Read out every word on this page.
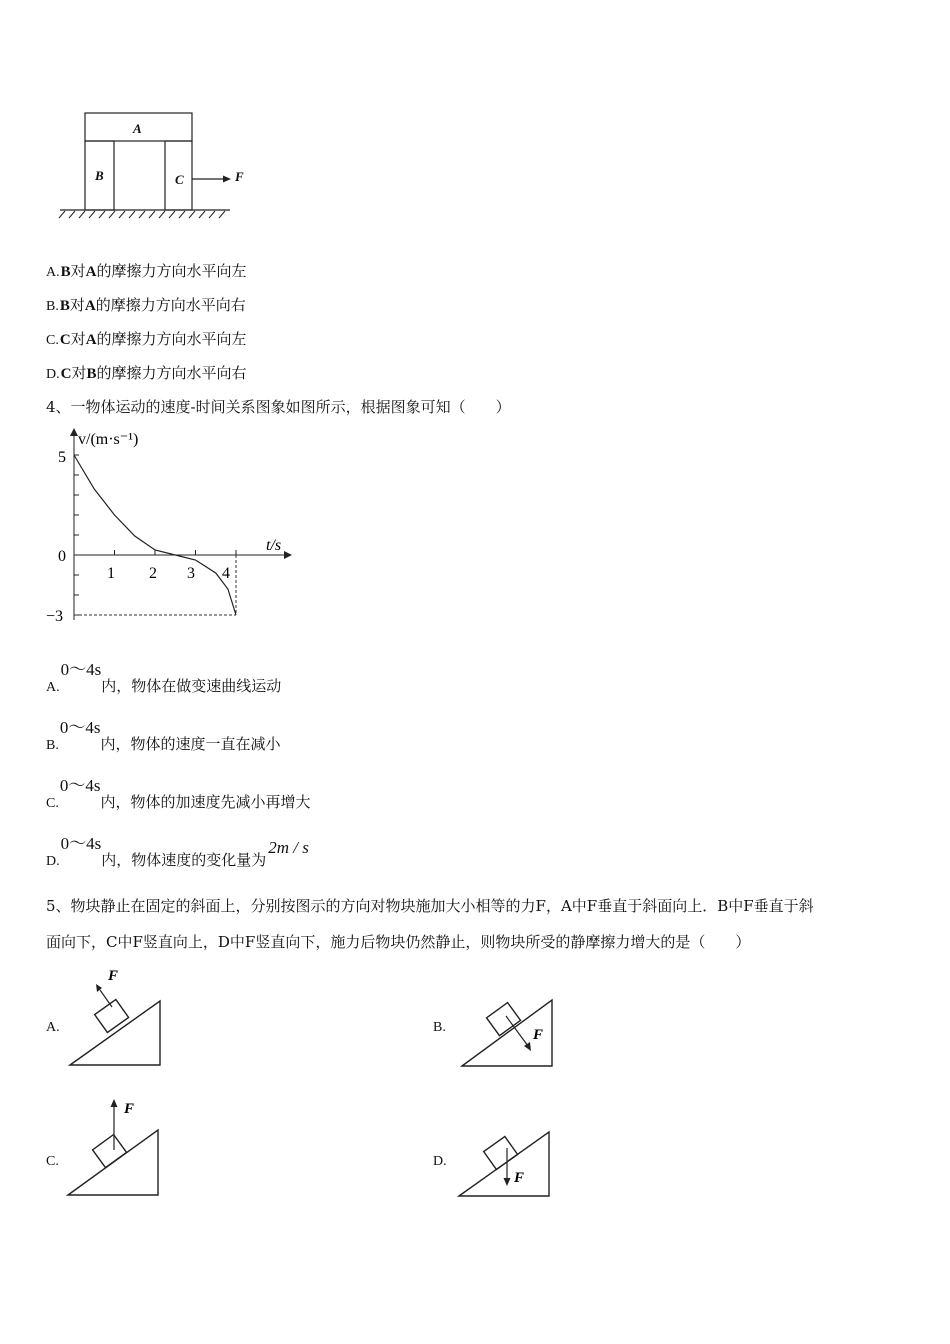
A
B	C	F
A.B对A的摩擦力方向水平向左
B.B对A的摩擦力方向水平向右
C.C对A的摩擦力方向水平向左
D.C对B的摩擦力方向水平向右
4、一物体运动的速度-时间关系图象如图所示，根据图象可知（　　）
v/(m·s⁻¹)
t/s
5
0
−3
1 2 3 4
A.0～4s内，物体在做变速曲线运动
B.0～4s内，物体的速度一直在减小
C.0～4s内，物体的加速度先减小再增大
D.0～4s内，物体速度的变化量为2m / s
5、物块静止在固定的斜面上，分别按图示的方向对物块施加大小相等的力F，A中F垂直于斜面向上．B中F垂直于斜
面向下，C中F竖直向上，D中F竖直向下，施力后物块仍然静止，则物块所受的静摩擦力增大的是（　　）
A.
F
B.	F
C.
F
D.
F
